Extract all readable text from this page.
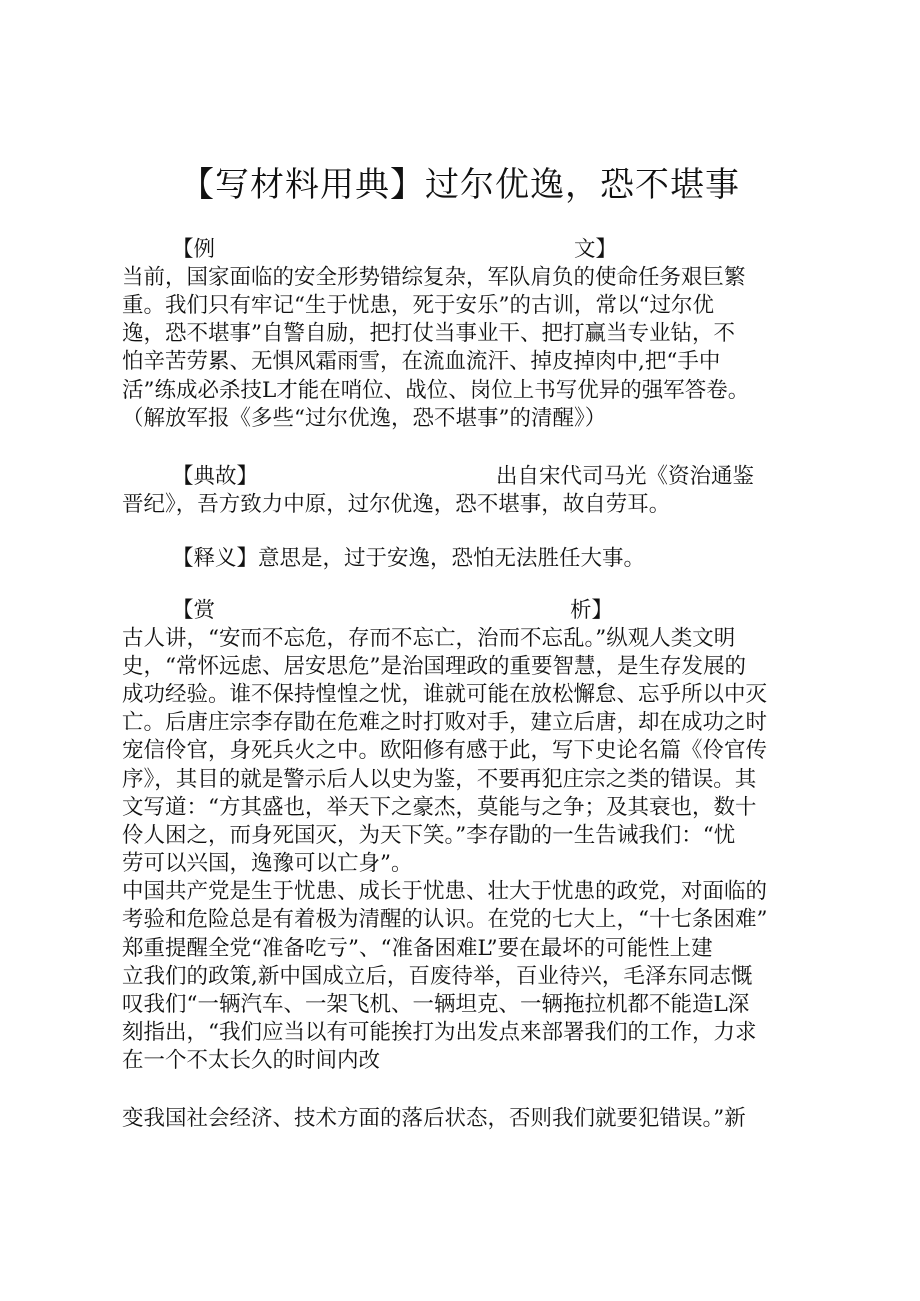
【写材料用典】过尔优逸，恐不堪事
【例	文】
当前，国家面临的安全形势错综复杂，军队肩负的使命任务艰巨繁
重。我们只有牢记“生于忧患，死于安乐”的古训，常以“过尔优
逸，恐不堪事”自警自励，把打仗当事业干、把打赢当专业钻，不
怕辛苦劳累、无惧风霜雨雪，在流血流汗、掉皮掉肉中,把“手中
活”练成必杀技L才能在哨位、战位、岗位上书写优异的强军答卷。
（解放军报《多些“过尔优逸，恐不堪事”的清醒》）
【典故】	出自宋代司马光《资治通鉴
晋纪》，吾方致力中原，过尔优逸，恐不堪事，故自劳耳。
【释义】意思是，过于安逸，恐怕无法胜任大事。
【赏	析】
古人讲，“安而不忘危，存而不忘亡，治而不忘乱。”纵观人类文明
史，“常怀远虑、居安思危”是治国理政的重要智慧，是生存发展的
成功经验。谁不保持惶惶之忧，谁就可能在放松懈怠、忘乎所以中灭
亡。后唐庄宗李存勖在危难之时打败对手，建立后唐，却在成功之时
宠信伶官，身死兵火之中。欧阳修有感于此，写下史论名篇《伶官传
序》，其目的就是警示后人以史为鉴，不要再犯庄宗之类的错误。其
文写道：“方其盛也，举天下之豪杰，莫能与之争；及其衰也，数十
伶人困之，而身死国灭，为天下笑。”李存勖的一生告诫我们：“忧
劳可以兴国，逸豫可以亡身”。
中国共产党是生于忧患、成长于忧患、壮大于忧患的政党，对面临的
考验和危险总是有着极为清醒的认识。在党的七大上，“十七条困难”
郑重提醒全党“准备吃亏”、“准备困难L”要在最坏的可能性上建
立我们的政策,新中国成立后，百废待举，百业待兴，毛泽东同志慨
叹我们“一辆汽车、一架飞机、一辆坦克、一辆拖拉机都不能造L深
刻指出，“我们应当以有可能挨打为出发点来部署我们的工作，力求
在一个不太长久的时间内改
变我国社会经济、技术方面的落后状态，否则我们就要犯错误。”新
